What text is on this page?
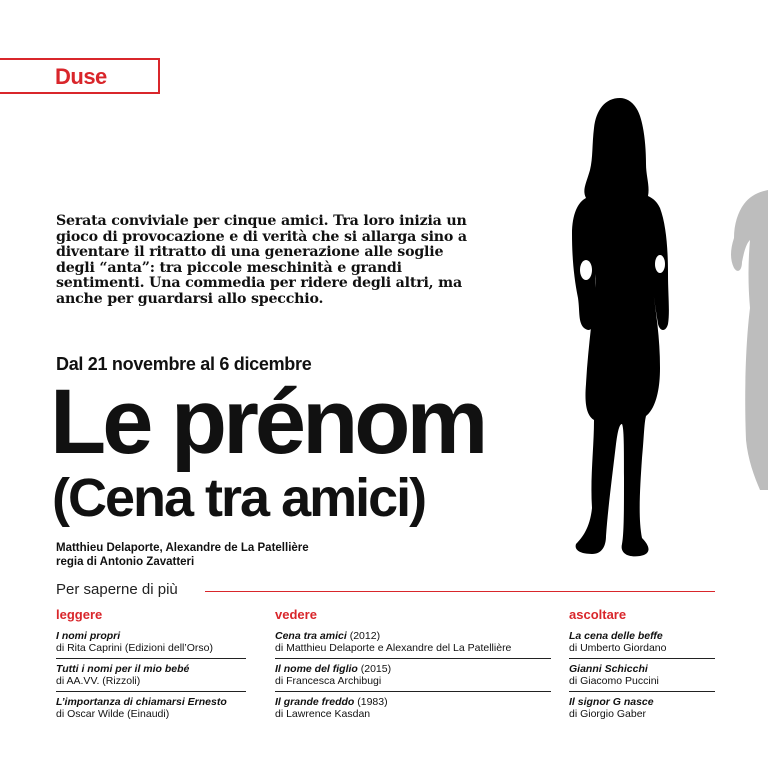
Duse
Serata conviviale per cinque amici. Tra loro inizia un gioco di provocazione e di verità che si allarga sino a diventare il ritratto di una generazione alle soglie degli “anta”: tra piccole meschinità e grandi sentimenti. Una commedia per ridere degli altri, ma anche per guardarsi allo specchio.
Dal 21 novembre al 6 dicembre
Le prénom
(Cena tra amici)
Matthieu Delaporte, Alexandre de La Patellière
regia di Antonio Zavatteri
Per saperne di più
leggere
I nomi propri
di Rita Caprini (Edizioni dell’Orso)
Tutti i nomi per il mio bebé
di AA.VV. (Rizzoli)
L’importanza di chiamarsi Ernesto
di Oscar Wilde (Einaudi)
vedere
Cena tra amici (2012)
di Matthieu Delaporte e Alexandre del La Patellière
Il nome del figlio (2015)
di Francesca Archibugi
Il grande freddo (1983)
di Lawrence Kasdan
ascoltare
La cena delle beffe
di Umberto Giordano
Gianni Schicchi
di Giacomo Puccini
Il signor G nasce
di Giorgio Gaber
